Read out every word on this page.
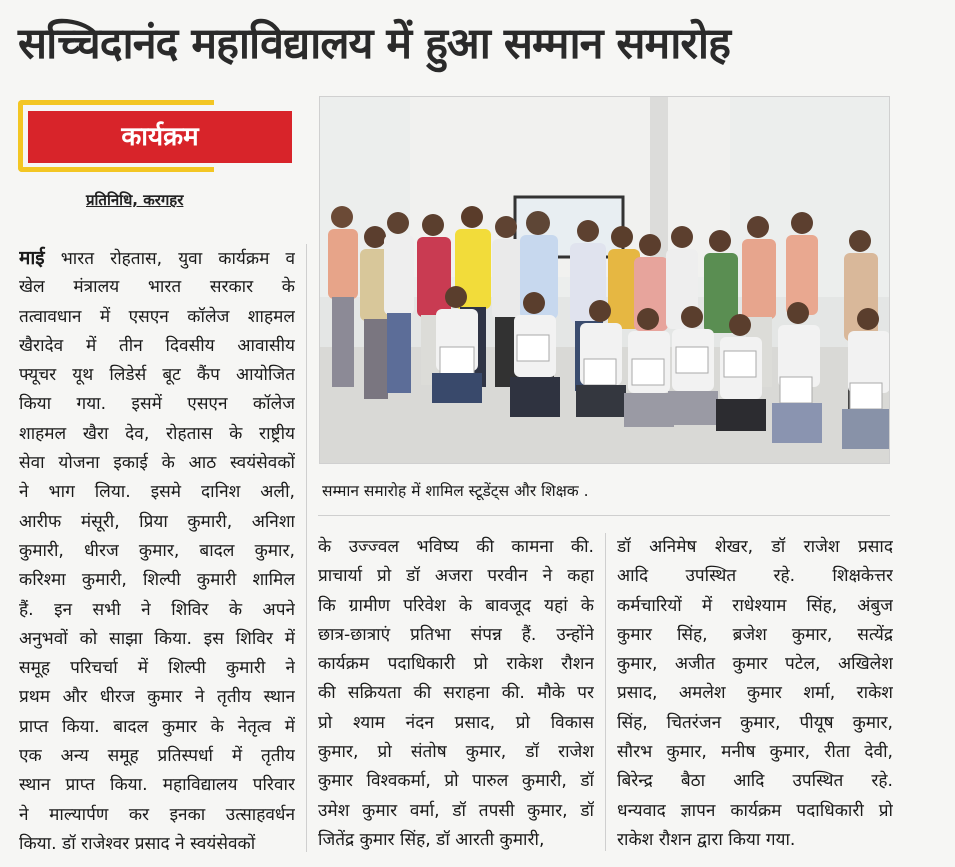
सच्चिदानंद महाविद्यालय में हुआ सम्मान समारोह
कार्यक्रम
प्रतिनिधि, करगहर
माई भारत रोहतास, युवा कार्यक्रम व
खेल मंत्रालय भारत सरकार के
तत्वावधान में एसएन कॉलेज शाहमल
खैरादेव में तीन दिवसीय आवासीय
फ्यूचर यूथ लिडेर्स बूट कैंप आयोजित
किया गया. इसमें एसएन कॉलेज
शाहमल खैरा देव, रोहतास के राष्ट्रीय
सेवा योजना इकाई के आठ स्वयंसेवकों
ने भाग लिया. इसमे दानिश अली,
आरीफ मंसूरी, प्रिया कुमारी, अनिशा
कुमारी, धीरज कुमार, बादल कुमार,
करिश्मा कुमारी, शिल्पी कुमारी शामिल
हैं. इन सभी ने शिविर के अपने
अनुभवों को साझा किया. इस शिविर में
समूह परिचर्चा में शिल्पी कुमारी ने
प्रथम और धीरज कुमार ने तृतीय स्थान
प्राप्त किया. बादल कुमार के नेतृत्व में
एक अन्य समूह प्रतिस्पर्धा में तृतीय
स्थान प्राप्त किया. महाविद्यालय परिवार
ने माल्यार्पण कर इनका उत्साहवर्धन
किया. डॉ राजेश्वर प्रसाद ने स्वयंसेवकों
सम्मान समारोह में शामिल स्टूडेंट्स और शिक्षक .
के उज्ज्वल भविष्य की कामना की.
प्राचार्या प्रो डॉ अजरा परवीन ने कहा
कि ग्रामीण परिवेश के बावजूद यहां के
छात्र-छात्राएं प्रतिभा संपन्न हैं. उन्होंने
कार्यक्रम पदाधिकारी प्रो राकेश रौशन
की सक्रियता की सराहना की. मौके पर
प्रो श्याम नंदन प्रसाद, प्रो विकास
कुमार, प्रो संतोष कुमार, डॉ राजेश
कुमार विश्वकर्मा, प्रो पारुल कुमारी, डॉ
उमेश कुमार वर्मा, डॉ तपसी कुमार, डॉ
जितेंद्र कुमार सिंह, डॉ आरती कुमारी,
डॉ अनिमेष शेखर, डॉ राजेश प्रसाद
आदि उपस्थित रहे. शिक्षकेत्तर
कर्मचारियों में राधेश्याम सिंह, अंबुज
कुमार सिंह, ब्रजेश कुमार, सत्येंद्र
कुमार, अजीत कुमार पटेल, अखिलेश
प्रसाद, अमलेश कुमार शर्मा, राकेश
सिंह, चितरंजन कुमार, पीयूष कुमार,
सौरभ कुमार, मनीष कुमार, रीता देवी,
बिरेन्द्र बैठा आदि उपस्थित रहे.
धन्यवाद ज्ञापन कार्यक्रम पदाधिकारी प्रो
राकेश रौशन द्वारा किया गया.
